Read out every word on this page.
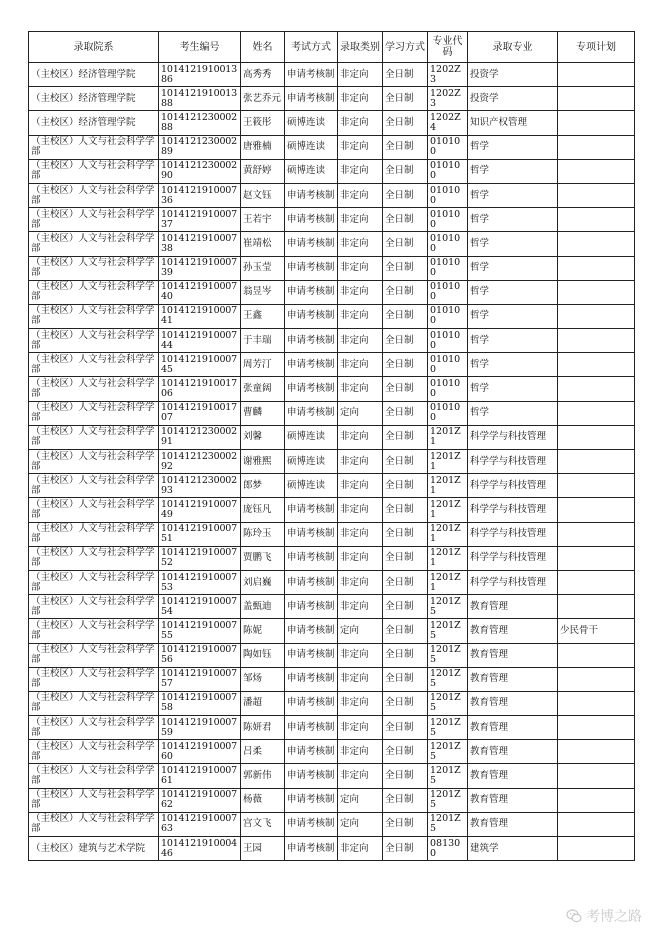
录取院系	考生编号	姓名	考试方式	录取类别	学习方式	专业代码	录取专业	专项计划
（主校区）经济管理学院	101412191001386	高秀秀	申请考核制	非定向	全日制	1202Z3	投资学	
（主校区）经济管理学院	101412191001388	张艺乔元	申请考核制	非定向	全日制	1202Z3	投资学	
（主校区）经济管理学院	101412123000288	王筱彤	硕博连读	非定向	全日制	1202Z4	知识产权管理	
（主校区）人文与社会科学学部	101412123000289	唐雅楠	硕博连读	非定向	全日制	010100	哲学	
（主校区）人文与社会科学学部	101412123000290	黄舒婷	硕博连读	非定向	全日制	010100	哲学	
（主校区）人文与社会科学学部	101412191000736	赵文钰	申请考核制	非定向	全日制	010100	哲学	
（主校区）人文与社会科学学部	101412191000737	王若宇	申请考核制	非定向	全日制	010100	哲学	
（主校区）人文与社会科学学部	101412191000738	崔靖松	申请考核制	非定向	全日制	010100	哲学	
（主校区）人文与社会科学学部	101412191000739	孙玉莹	申请考核制	非定向	全日制	010100	哲学	
（主校区）人文与社会科学学部	101412191000740	翁昱岑	申请考核制	非定向	全日制	010100	哲学	
（主校区）人文与社会科学学部	101412191000741	王鑫	申请考核制	非定向	全日制	010100	哲学	
（主校区）人文与社会科学学部	101412191000744	于丰瑞	申请考核制	非定向	全日制	010100	哲学	
（主校区）人文与社会科学学部	101412191000745	周芳汀	申请考核制	非定向	全日制	010100	哲学	
（主校区）人文与社会科学学部	101412191001706	张童阔	申请考核制	非定向	全日制	010100	哲学	
（主校区）人文与社会科学学部	101412191001707	曹麟	申请考核制	定向	全日制	010100	哲学	
（主校区）人文与社会科学学部	101412123000291	刘馨	硕博连读	非定向	全日制	1201Z1	科学学与科技管理	
（主校区）人文与社会科学学部	101412123000292	谢雅熙	硕博连读	非定向	全日制	1201Z1	科学学与科技管理	
（主校区）人文与社会科学学部	101412123000293	郎梦	硕博连读	非定向	全日制	1201Z1	科学学与科技管理	
（主校区）人文与社会科学学部	101412191000749	庞钰凡	申请考核制	非定向	全日制	1201Z1	科学学与科技管理	
（主校区）人文与社会科学学部	101412191000751	陈玲玉	申请考核制	非定向	全日制	1201Z1	科学学与科技管理	
（主校区）人文与社会科学学部	101412191000752	贾鹏飞	申请考核制	非定向	全日制	1201Z1	科学学与科技管理	
（主校区）人文与社会科学学部	101412191000753	刘启巍	申请考核制	非定向	全日制	1201Z1	科学学与科技管理	
（主校区）人文与社会科学学部	101412191000754	盖甄迪	申请考核制	非定向	全日制	1201Z5	教育管理	
（主校区）人文与社会科学学部	101412191000755	陈妮	申请考核制	定向	全日制	1201Z5	教育管理	少民骨干
（主校区）人文与社会科学学部	101412191000756	陶如钰	申请考核制	非定向	全日制	1201Z5	教育管理	
（主校区）人文与社会科学学部	101412191000757	邹炀	申请考核制	非定向	全日制	1201Z5	教育管理	
（主校区）人文与社会科学学部	101412191000758	潘超	申请考核制	非定向	全日制	1201Z5	教育管理	
（主校区）人文与社会科学学部	101412191000759	陈妍君	申请考核制	非定向	全日制	1201Z5	教育管理	
（主校区）人文与社会科学学部	101412191000760	吕柔	申请考核制	非定向	全日制	1201Z5	教育管理	
（主校区）人文与社会科学学部	101412191000761	郭新伟	申请考核制	非定向	全日制	1201Z5	教育管理	
（主校区）人文与社会科学学部	101412191000762	杨薇	申请考核制	定向	全日制	1201Z5	教育管理	
（主校区）人文与社会科学学部	101412191000763	宫文飞	申请考核制	定向	全日制	1201Z5	教育管理	
（主校区）建筑与艺术学院	101412191000446	王园	申请考核制	非定向	全日制	081300	建筑学	
考博之路
